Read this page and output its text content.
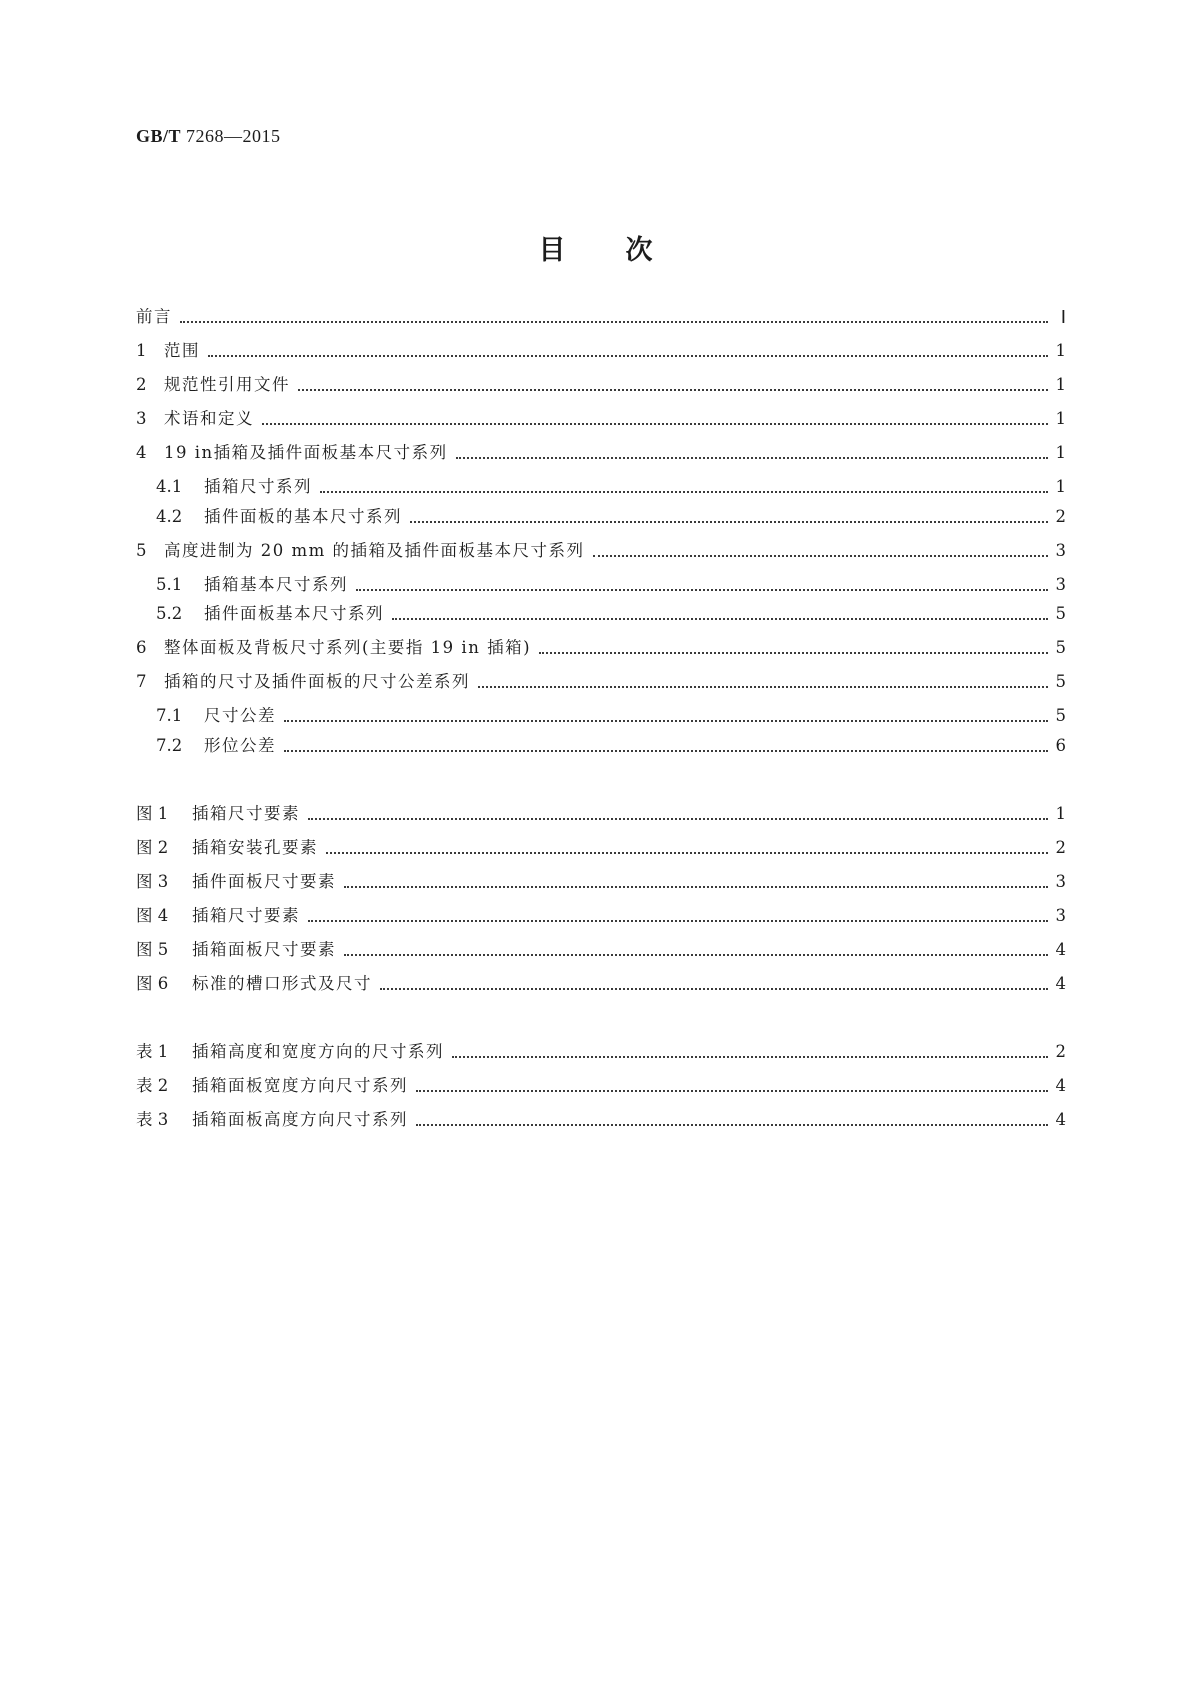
GB/T 7268—2015
目 次
前言	Ⅰ
1	范围	1
2	规范性引用文件	1
3	术语和定义	1
4	19 in插箱及插件面板基本尺寸系列	1
4.1 插箱尺寸系列	1
4.2 插件面板的基本尺寸系列	2
5	高度进制为 20 mm 的插箱及插件面板基本尺寸系列	3
5.1 插箱基本尺寸系列	3
5.2 插件面板基本尺寸系列	5
6	整体面板及背板尺寸系列(主要指 19 in 插箱)	5
7	插箱的尺寸及插件面板的尺寸公差系列	5
7.1 尺寸公差	5
7.2 形位公差	6
图 1	插箱尺寸要素	1
图 2	插箱安装孔要素	2
图 3	插件面板尺寸要素	3
图 4	插箱尺寸要素	3
图 5	插箱面板尺寸要素	4
图 6	标准的槽口形式及尺寸	4
表 1	插箱高度和宽度方向的尺寸系列	2
表 2	插箱面板宽度方向尺寸系列	4
表 3	插箱面板高度方向尺寸系列	4
